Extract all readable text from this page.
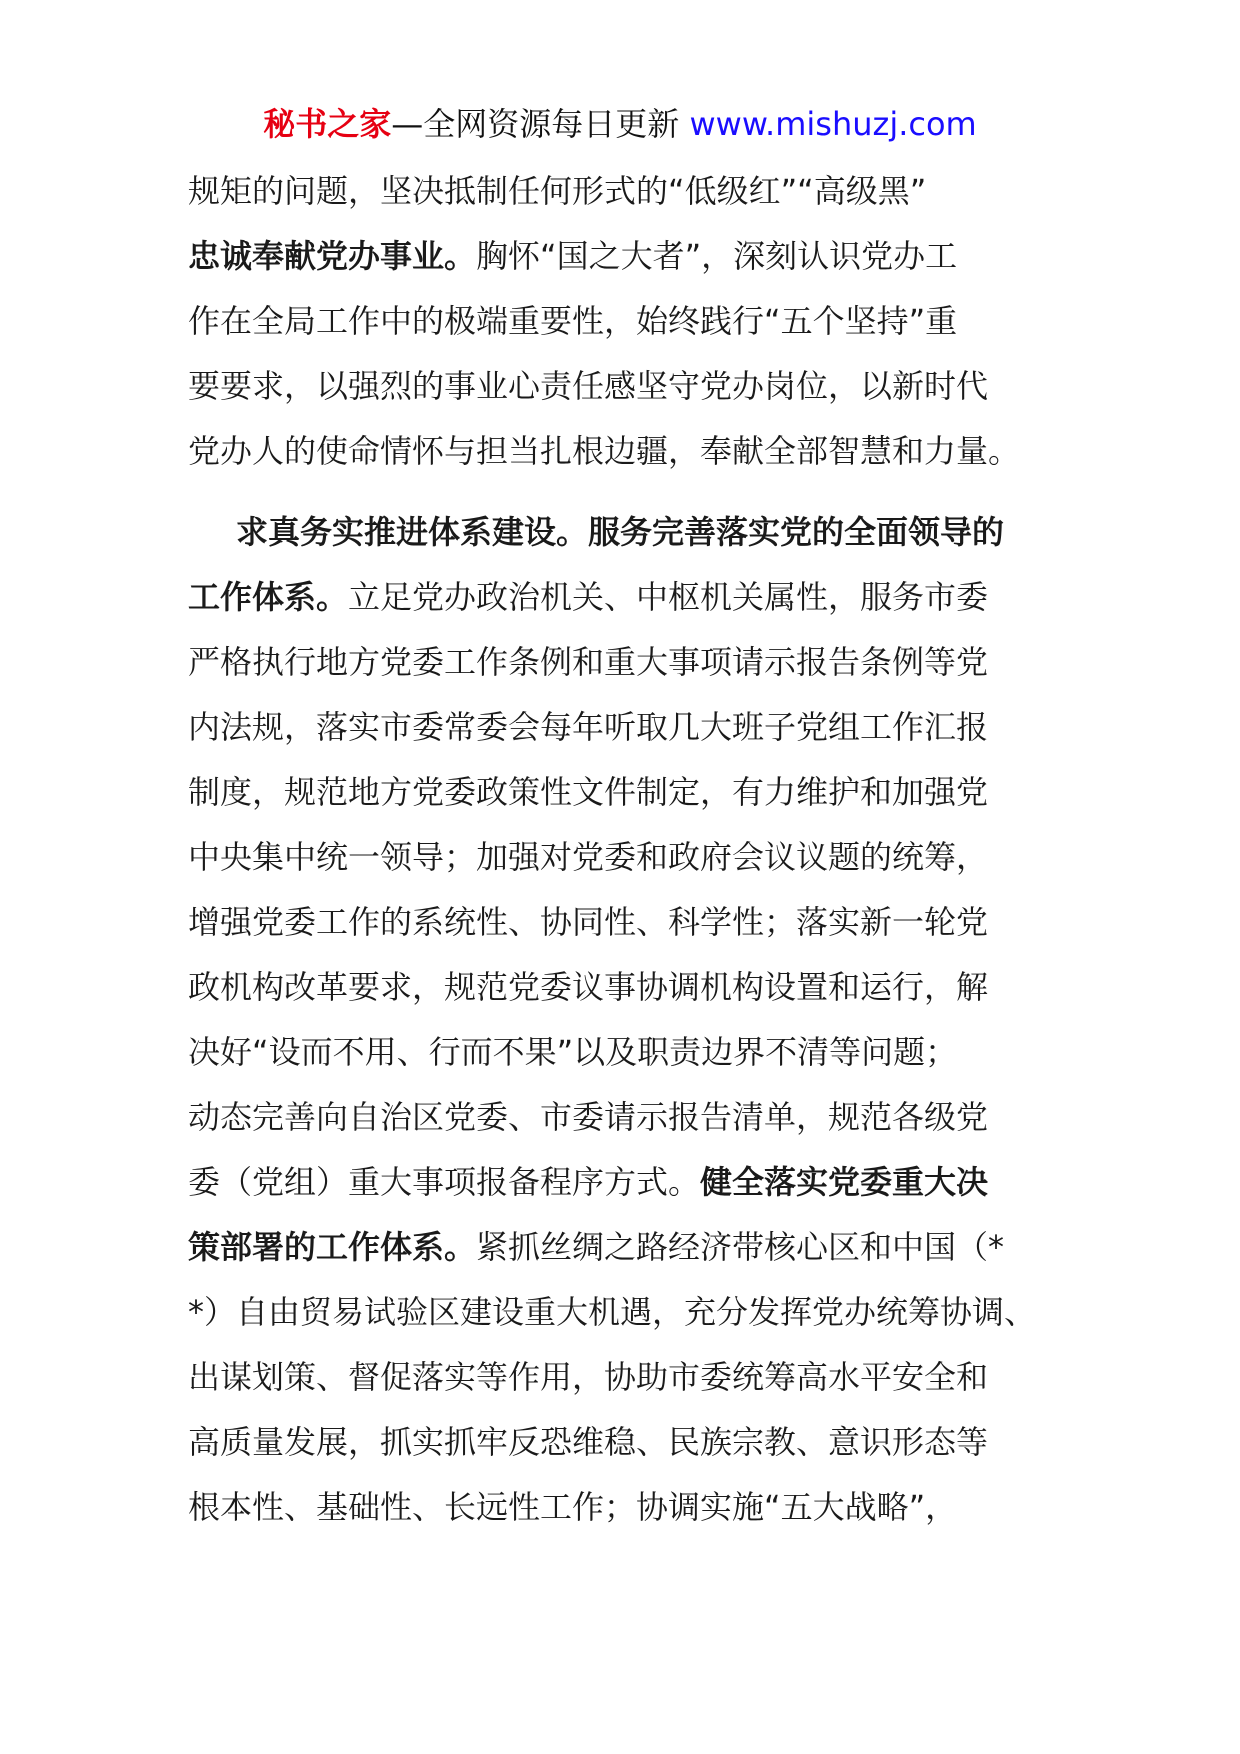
秘书之家—全网资源每日更新 www.mishuzj.com
规矩的问题，坚决抵制任何形式的“低级红”“高级黑”
忠诚奉献党办事业。胸怀“国之大者”，深刻认识党办工
作在全局工作中的极端重要性，始终践行“五个坚持”重
要要求，以强烈的事业心责任感坚守党办岗位，以新时代
党办人的使命情怀与担当扎根边疆，奉献全部智慧和力量。
求真务实推进体系建设。服务完善落实党的全面领导的
工作体系。立足党办政治机关、中枢机关属性，服务市委
严格执行地方党委工作条例和重大事项请示报告条例等党
内法规，落实市委常委会每年听取几大班子党组工作汇报
制度，规范地方党委政策性文件制定，有力维护和加强党
中央集中统一领导；加强对党委和政府会议议题的统筹，
增强党委工作的系统性、协同性、科学性；落实新一轮党
政机构改革要求，规范党委议事协调机构设置和运行，解
决好“设而不用、行而不果”以及职责边界不清等问题；
动态完善向自治区党委、市委请示报告清单，规范各级党
委（党组）重大事项报备程序方式。健全落实党委重大决
策部署的工作体系。紧抓丝绸之路经济带核心区和中国（*
*）自由贸易试验区建设重大机遇，充分发挥党办统筹协调、
出谋划策、督促落实等作用，协助市委统筹高水平安全和
高质量发展，抓实抓牢反恐维稳、民族宗教、意识形态等
根本性、基础性、长远性工作；协调实施“五大战略”，
